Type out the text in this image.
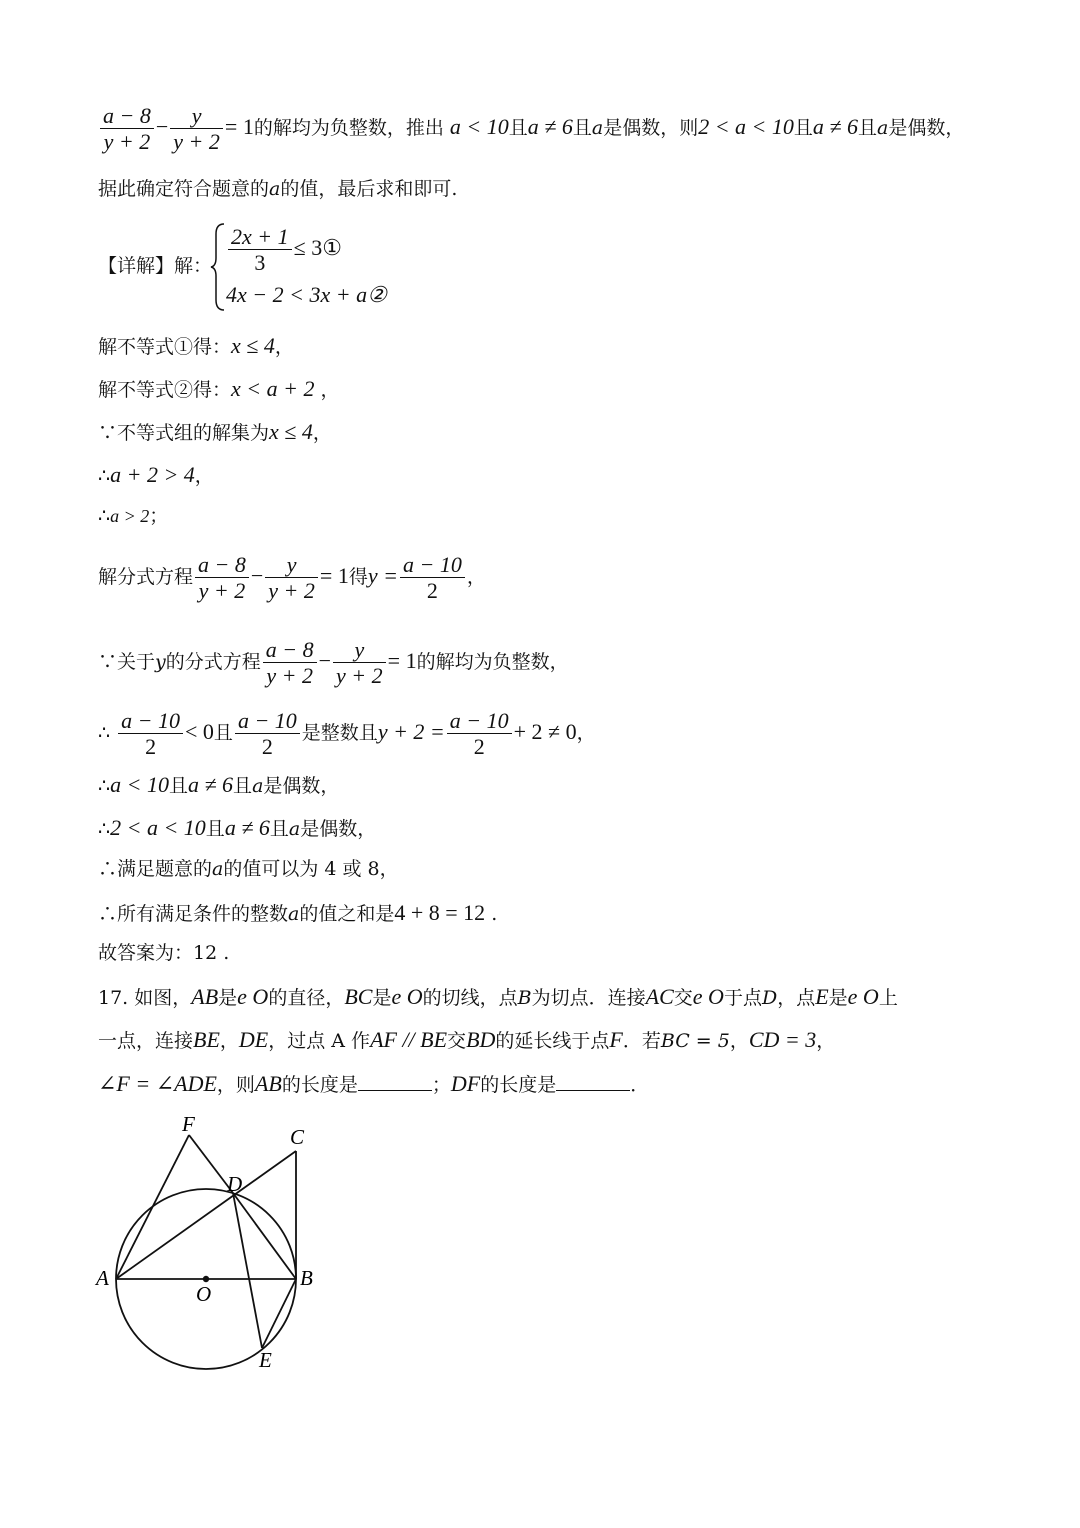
$\frac{a - 8}{y + 2} - \frac{y}{y + 2} = 1$的解均为负整数，推出 a < 10且a ≠ 6且a是偶数，则2 < a < 10且a ≠ 6且a是偶数，
据此确定符合题意的a的值，最后求和即可.
【详解】解： $\frac{2x + 1}{3}$ ≤ 3①
4x − 2 < 3x + a②
解不等式①得：x ≤ 4，
解不等式②得：x < a + 2 ，
∵不等式组的解集为x ≤ 4，
∴a + 2 > 4，
∴a > 2；
解分式方程 $\frac{a - 8}{y + 2} - \frac{y}{y + 2} = 1$得$y = \frac{a - 10}{2}$ ，
∵关于y的分式方程 $\frac{a - 8}{y + 2} - \frac{y}{y + 2} = 1$的解均为负整数，
∴ $\frac{a - 10}{2} < 0$且 $\frac{a - 10}{2}$ 是整数且$y + 2 = \frac{a - 10}{2} + 2 \ne 0$，
∴a < 10且a ≠ 6且a是偶数，
∴2 < a < 10且a ≠ 6且a是偶数，
∴满足题意的a的值可以为 4 或 8，
∴所有满足条件的整数a的值之和是4 + 8 = 12 .
故答案为：12 .
17. 如图，AB是e O的直径，BC是e O的切线，点B为切点．连接AC交e O于点D，点E是e O上
一点，连接BE，DE，过点 A 作AF // BE交BD的延长线于点F．若BC = 5，CD = 3，
∠F = ∠ADE，则AB的长度是	；DF的长度是	．
F
C
D
A
O
B
E
